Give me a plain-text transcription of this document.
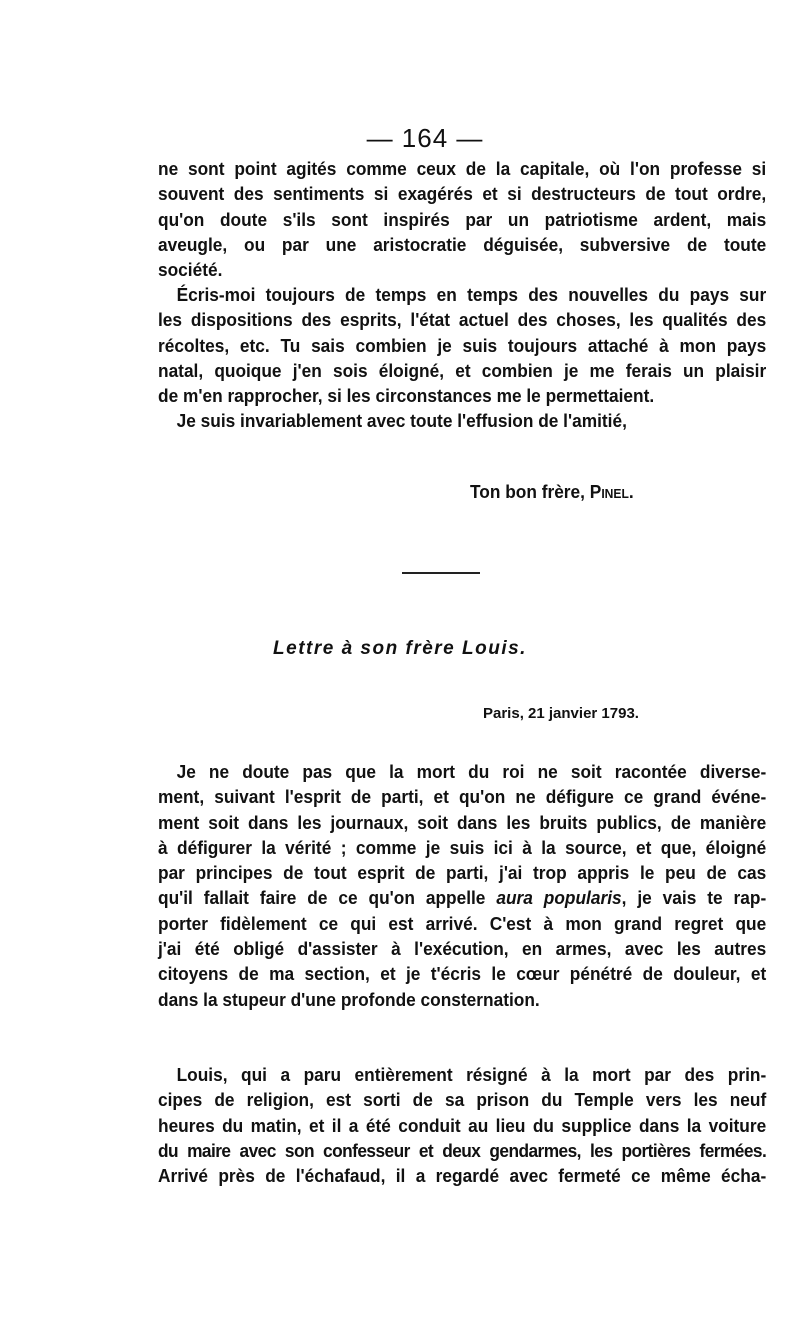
— 164 —
ne sont point agités comme ceux de la capitale, où l'on professe si
souvent des sentiments si exagérés et si destructeurs de tout ordre,
qu'on doute s'ils sont inspirés par un patriotisme ardent, mais
aveugle, ou par une aristocratie déguisée, subversive de toute
société.
Écris-moi toujours de temps en temps des nouvelles du pays sur
les dispositions des esprits, l'état actuel des choses, les qualités des
récoltes, etc. Tu sais combien je suis toujours attaché à mon pays
natal, quoique j'en sois éloigné, et combien je me ferais un plaisir
de m'en rapprocher, si les circonstances me le permettaient.
Je suis invariablement avec toute l'effusion de l'amitié,
Ton bon frère, Pinel.
Lettre à son frère Louis.
Paris, 21 janvier 1793.
Je ne doute pas que la mort du roi ne soit racontée diverse-
ment, suivant l'esprit de parti, et qu'on ne défigure ce grand événe-
ment soit dans les journaux, soit dans les bruits publics, de manière
à défigurer la vérité ; comme je suis ici à la source, et que, éloigné
par principes de tout esprit de parti, j'ai trop appris le peu de cas
qu'il fallait faire de ce qu'on appelle aura popularis, je vais te rap-
porter fidèlement ce qui est arrivé. C'est à mon grand regret que
j'ai été obligé d'assister à l'exécution, en armes, avec les autres
citoyens de ma section, et je t'écris le cœur pénétré de douleur, et
dans la stupeur d'une profonde consternation.
Louis, qui a paru entièrement résigné à la mort par des prin-
cipes de religion, est sorti de sa prison du Temple vers les neuf
heures du matin, et il a été conduit au lieu du supplice dans la voiture
du maire avec son confesseur et deux gendarmes, les portières fermées.
Arrivé près de l'échafaud, il a regardé avec fermeté ce même écha-
